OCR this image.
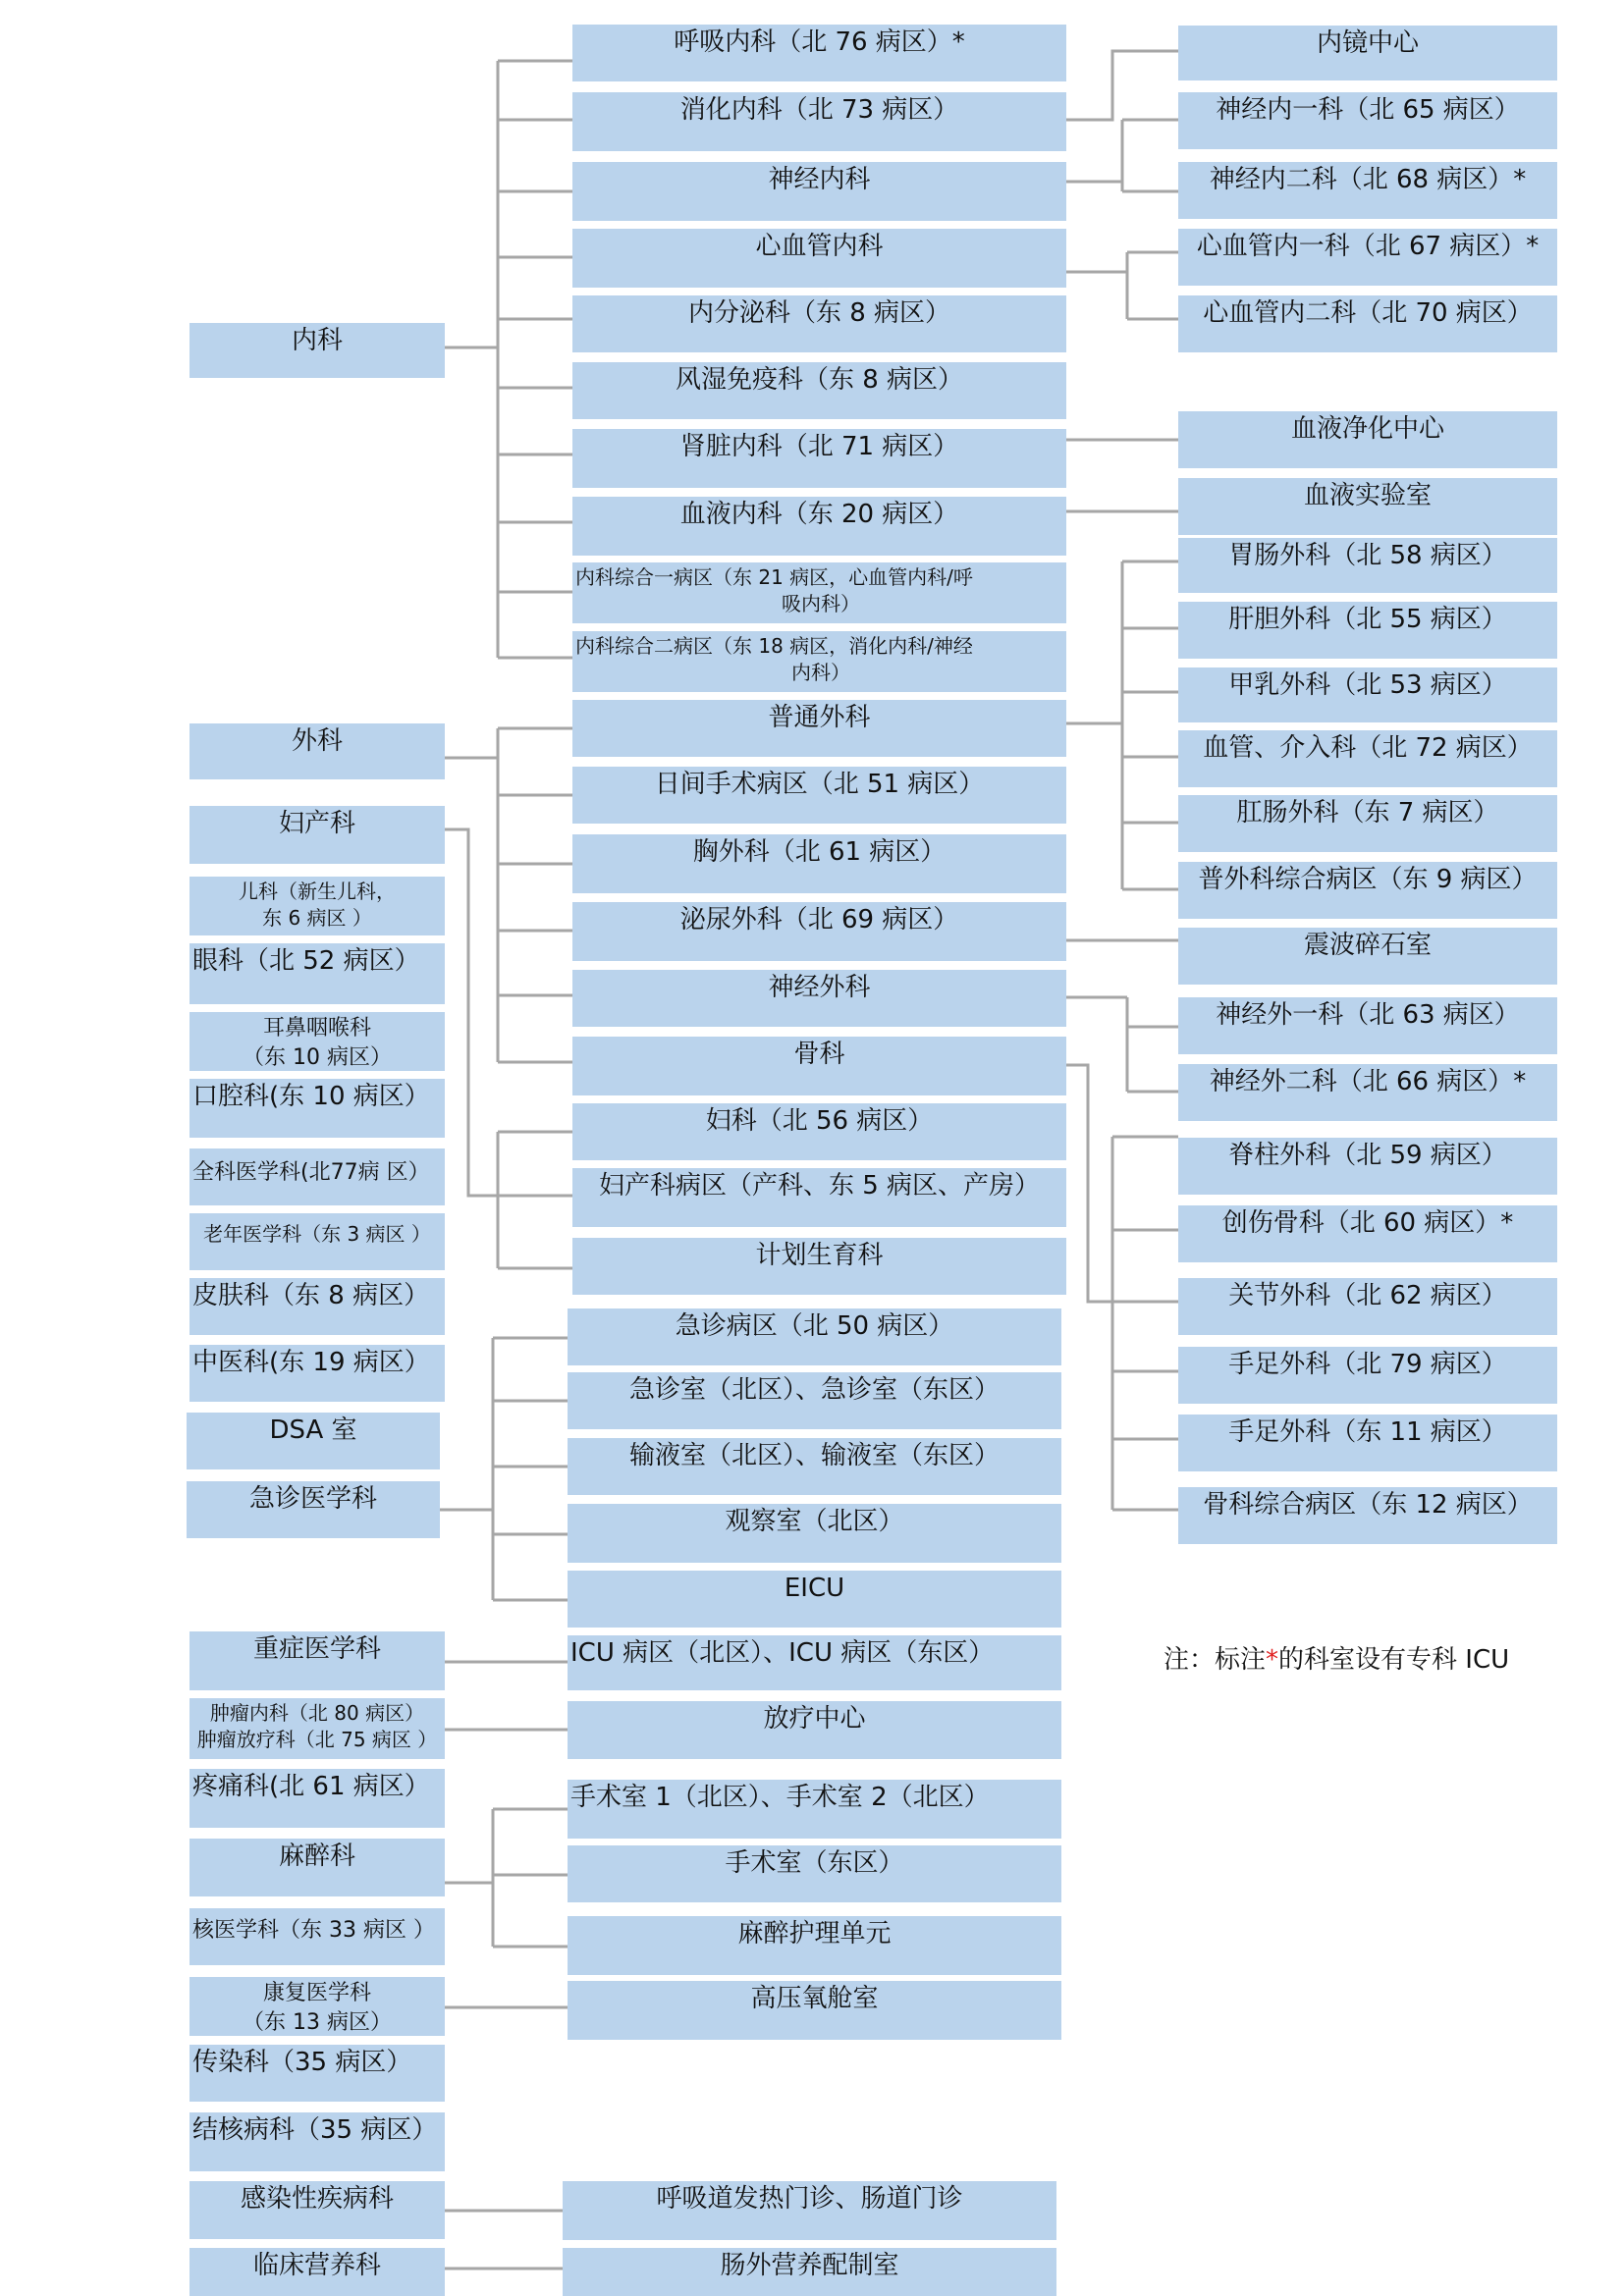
内科
外科
妇产科
儿科（新生儿科，
东 6 病区 ）
眼科（北 52 病区）
耳鼻咽喉科
（东 10 病区）
口腔科(东 10 病区）
全科医学科(北77病 区）
老年医学科（东 3 病区 ）
皮肤科（东 8 病区）
中医科(东 19 病区）
DSA 室
急诊医学科
重症医学科
肿瘤内科（北 80 病区）
肿瘤放疗科（北 75 病区 ）
疼痛科(北 61 病区）
麻醉科
核医学科（东 33 病区 ）
康复医学科
（东 13 病区）
传染科（35 病区）
结核病科（35 病区）
感染性疾病科
临床营养科
呼吸内科（北 76 病区）*
消化内科（北 73 病区）
神经内科
心血管内科
内分泌科（东 8 病区）
风湿免疫科（东 8 病区）
肾脏内科（北 71 病区）
血液内科（东 20 病区）
内科综合一病区（东 21 病区，心血管内科/呼
吸内科）
内科综合二病区（东 18 病区，消化内科/神经
内科）
普通外科
日间手术病区（北 51 病区）
胸外科（北 61 病区）
泌尿外科（北 69 病区）
神经外科
骨科
妇科（北 56 病区）
妇产科病区（产科、东 5 病区、产房）
计划生育科
急诊病区（北 50 病区）
急诊室（北区）、急诊室（东区）
输液室（北区）、输液室（东区）
观察室（北区）
EICU
ICU 病区（北区）、ICU 病区（东区）
放疗中心
手术室 1（北区）、手术室 2（北区）
手术室（东区）
麻醉护理单元
高压氧舱室
呼吸道发热门诊、肠道门诊
肠外营养配制室
内镜中心
神经内一科（北 65 病区）
神经内二科（北 68 病区）*
心血管内一科（北 67 病区）*
心血管内二科（北 70 病区）
血液净化中心
血液实验室
胃肠外科（北 58 病区）
肝胆外科（北 55 病区）
甲乳外科（北 53 病区）
血管、介入科（北 72 病区）
肛肠外科（东 7 病区）
普外科综合病区（东 9 病区）
震波碎石室
神经外一科（北 63 病区）
神经外二科（北 66 病区）*
脊柱外科（北 59 病区）
创伤骨科（北 60 病区）*
关节外科（北 62 病区）
手足外科（北 79 病区）
手足外科（东 11 病区）
骨科综合病区（东 12 病区）
注：标注*的科室设有专科 ICU
